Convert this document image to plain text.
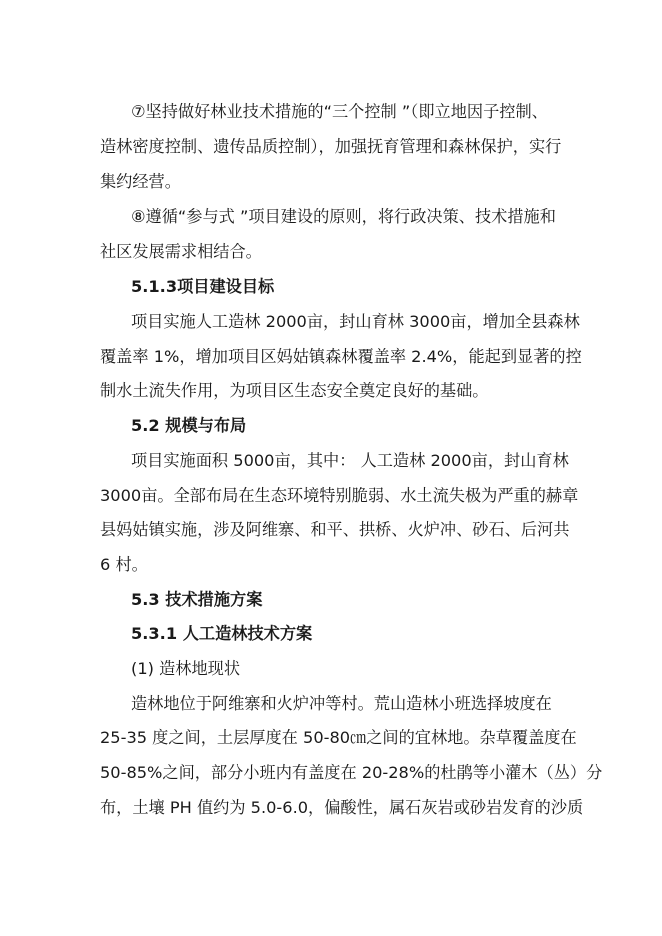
⑦坚持做好林业技术措施的“三个控制 ”（即立地因子控制、
造林密度控制、遗传品质控制），加强抚育管理和森林保护，实行
集约经营。
⑧遵循“参与式 ”项目建设的原则，将行政决策、技术措施和
社区发展需求相结合。
5.1.3项目建设目标
项目实施人工造林 2000亩，封山育林 3000亩，增加全县森林
覆盖率 1%，增加项目区妈姑镇森林覆盖率 2.4%，能起到显著的控
制水土流失作用，为项目区生态安全奠定良好的基础。
5.2 规模与布局
项目实施面积 5000亩，其中： 人工造林 2000亩，封山育林
3000亩。全部布局在生态环境特别脆弱、水土流失极为严重的赫章
县妈姑镇实施，涉及阿维寨、和平、拱桥、火炉冲、砂石、后河共
6 村。
5.3 技术措施方案
5.3.1 人工造林技术方案
(1) 造林地现状
造林地位于阿维寨和火炉冲等村。荒山造林小班选择坡度在
25-35 度之间，土层厚度在 50-80㎝之间的宜林地。杂草覆盖度在
50-85%之间，部分小班内有盖度在 20-28%的杜鹃等小灌木（丛）分
布，土壤 PH 值约为 5.0-6.0，偏酸性，属石灰岩或砂岩发育的沙质
